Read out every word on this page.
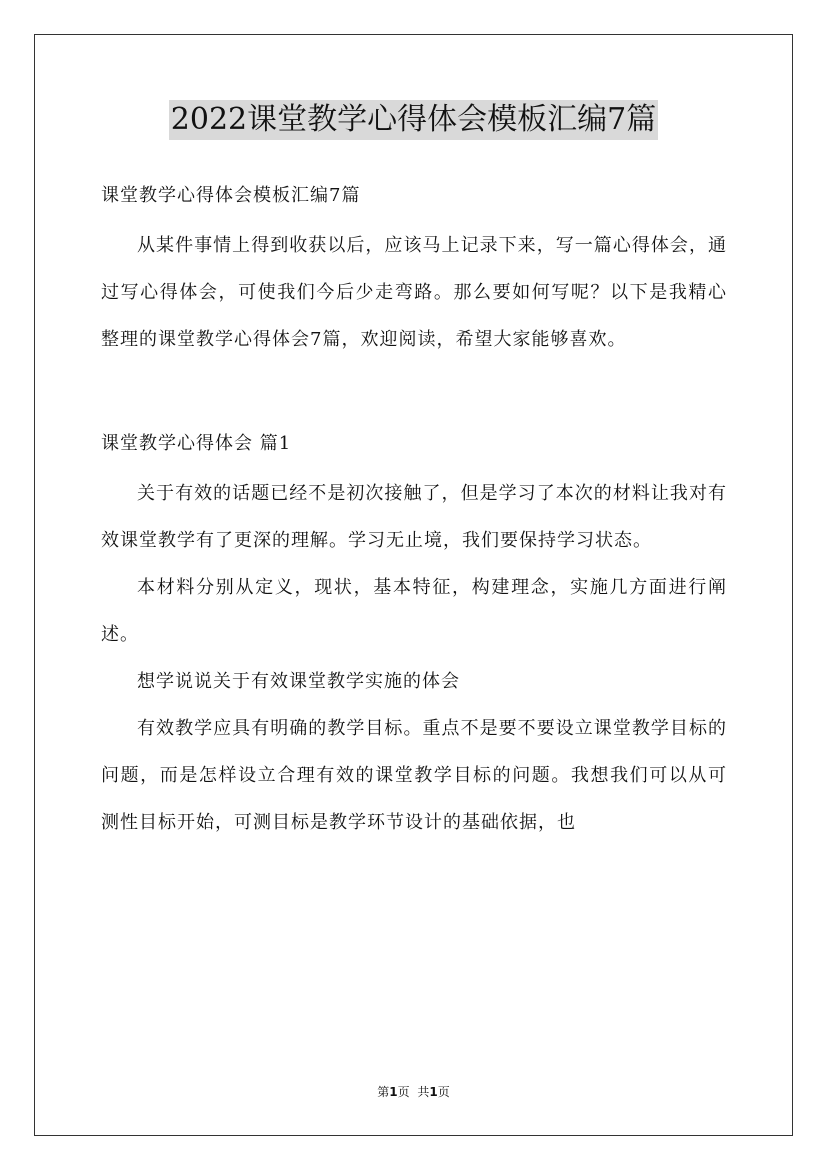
2022课堂教学心得体会模板汇编7篇

课堂教学心得体会模板汇编7篇

从某件事情上得到收获以后，应该马上记录下来，写一篇心得体会，通过写心得体会，可使我们今后少走弯路。那么要如何写呢？以下是我精心整理的课堂教学心得体会7篇，欢迎阅读，希望大家能够喜欢。

课堂教学心得体会 篇1

关于有效的话题已经不是初次接触了，但是学习了本次的材料让我对有效课堂教学有了更深的理解。学习无止境，我们要保持学习状态。

本材料分别从定义，现状，基本特征，构建理念，实施几方面进行阐述。

想学说说关于有效课堂教学实施的体会

有效教学应具有明确的教学目标。重点不是要不要设立课堂教学目标的问题，而是怎样设立合理有效的课堂教学目标的问题。我想我们可以从可测性目标开始，可测目标是教学环节设计的基础依据，也

第1页 共1页
